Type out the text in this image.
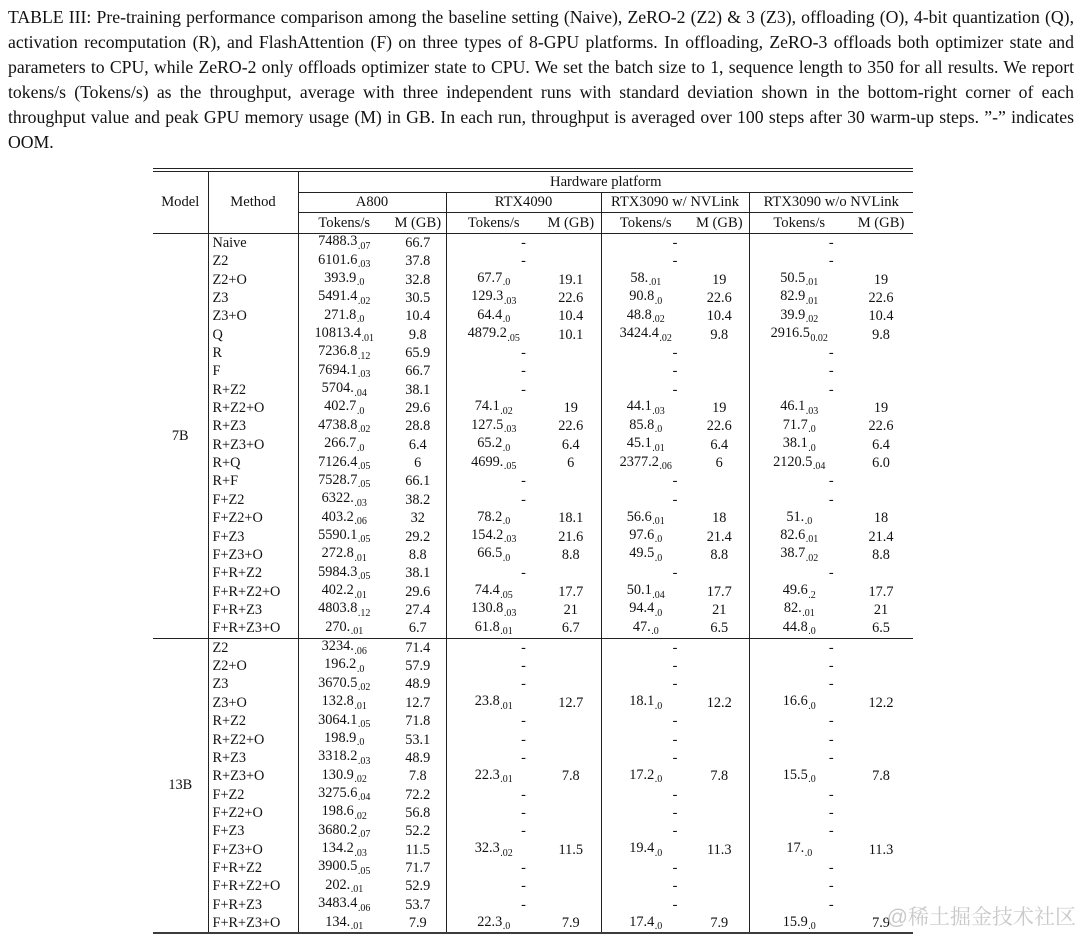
TABLE III: Pre-training performance comparison among the baseline setting (Naive), ZeRO-2 (Z2) & 3 (Z3), offloading (O), 4-bit quantization (Q), activation recomputation (R), and FlashAttention (F) on three types of 8-GPU platforms. In offloading, ZeRO-3 offloads both optimizer state and parameters to CPU, while ZeRO-2 only offloads optimizer state to CPU. We set the batch size to 1, sequence length to 350 for all results. We report tokens/s (Tokens/s) as the throughput, average with three independent runs with standard deviation shown in the bottom-right corner of each throughput value and peak GPU memory usage (M) in GB. In each run, throughput is averaged over 100 steps after 30 warm-up steps. ”-” indicates OOM.
Model	Method	Hardware platform							
		A800		RTX4090		RTX3090 w/ NVLink		RTX3090 w/o NVLink	
		Tokens/s	M (GB)	Tokens/s	M (GB)	Tokens/s	M (GB)	Tokens/s	M (GB)
7B	Naive	$7488.3_{.07}$	66.7	-		-		-	
	Z2	$6101.6_{.03}$	37.8	-		-		-	
	Z2+O	$393.9_{.0}$	32.8	$67.7_{.0}$	19.1	$58._{.01}$	19	$50.5_{.01}$	19
	Z3	$5491.4_{.02}$	30.5	$129.3_{.03}$	22.6	$90.8_{.0}$	22.6	$82.9_{.01}$	22.6
	Z3+O	$271.8_{.0}$	10.4	$64.4_{.0}$	10.4	$48.8_{.02}$	10.4	$39.9_{.02}$	10.4
	Q	$10813.4_{.01}$	9.8	$4879.2_{.05}$	10.1	$3424.4_{.02}$	9.8	$2916.5_{0.02}$	9.8
	R	$7236.8_{.12}$	65.9	-		-		-	
	F	$7694.1_{.03}$	66.7	-		-		-	
	R+Z2	$5704._{.04}$	38.1	-		-		-	
	R+Z2+O	$402.7_{.0}$	29.6	$74.1_{.02}$	19	$44.1_{.03}$	19	$46.1_{.03}$	19
	R+Z3	$4738.8_{.02}$	28.8	$127.5_{.03}$	22.6	$85.8_{.0}$	22.6	$71.7_{.0}$	22.6
	R+Z3+O	$266.7_{.0}$	6.4	$65.2_{.0}$	6.4	$45.1_{.01}$	6.4	$38.1_{.0}$	6.4
	R+Q	$7126.4_{.05}$	6	$4699._{.05}$	6	$2377.2_{.06}$	6	$2120.5_{.04}$	6.0
	R+F	$7528.7_{.05}$	66.1	-		-		-	
	F+Z2	$6322._{.03}$	38.2	-		-		-	
	F+Z2+O	$403.2_{.06}$	32	$78.2_{.0}$	18.1	$56.6_{.01}$	18	$51._{.0}$	18
	F+Z3	$5590.1_{.05}$	29.2	$154.2_{.03}$	21.6	$97.6_{.0}$	21.4	$82.6_{.01}$	21.4
	F+Z3+O	$272.8_{.01}$	8.8	$66.5_{.0}$	8.8	$49.5_{.0}$	8.8	$38.7_{.02}$	8.8
	F+R+Z2	$5984.3_{.05}$	38.1	-		-		-	
	F+R+Z2+O	$402.2_{.01}$	29.6	$74.4_{.05}$	17.7	$50.1_{.04}$	17.7	$49.6_{.2}$	17.7
	F+R+Z3	$4803.8_{.12}$	27.4	$130.8_{.03}$	21	$94.4_{.0}$	21	$82._{.01}$	21
	F+R+Z3+O	$270._{.01}$	6.7	$61.8_{.01}$	6.7	$47._{.0}$	6.5	$44.8_{.0}$	6.5
13B	Z2	$3234._{.06}$	71.4	-		-		-	
	Z2+O	$196.2_{.0}$	57.9	-		-		-	
	Z3	$3670.5_{.02}$	48.9	-		-		-	
	Z3+O	$132.8_{.01}$	12.7	$23.8_{.01}$	12.7	$18.1_{.0}$	12.2	$16.6_{.0}$	12.2
	R+Z2	$3064.1_{.05}$	71.8	-		-		-	
	R+Z2+O	$198.9_{.0}$	53.1	-		-		-	
	R+Z3	$3318.2_{.03}$	48.9	-		-		-	
	R+Z3+O	$130.9_{.02}$	7.8	$22.3_{.01}$	7.8	$17.2_{.0}$	7.8	$15.5_{.0}$	7.8
	F+Z2	$3275.6_{.04}$	72.2	-		-		-	
	F+Z2+O	$198.6_{.02}$	56.8	-		-		-	
	F+Z3	$3680.2_{.07}$	52.2	-		-		-	
	F+Z3+O	$134.2_{.03}$	11.5	$32.3_{.02}$	11.5	$19.4_{.0}$	11.3	$17._{.0}$	11.3
	F+R+Z2	$3900.5_{.05}$	71.7	-		-		-	
	F+R+Z2+O	$202._{.01}$	52.9	-		-		-	
	F+R+Z3	$3483.4_{.06}$	53.7	-		-		-	
	F+R+Z3+O	$134._{.01}$	7.9	$22.3_{.0}$	7.9	$17.4_{.0}$	7.9	$15.9_{.0}$	7.9
@稀土掘金技术社区
